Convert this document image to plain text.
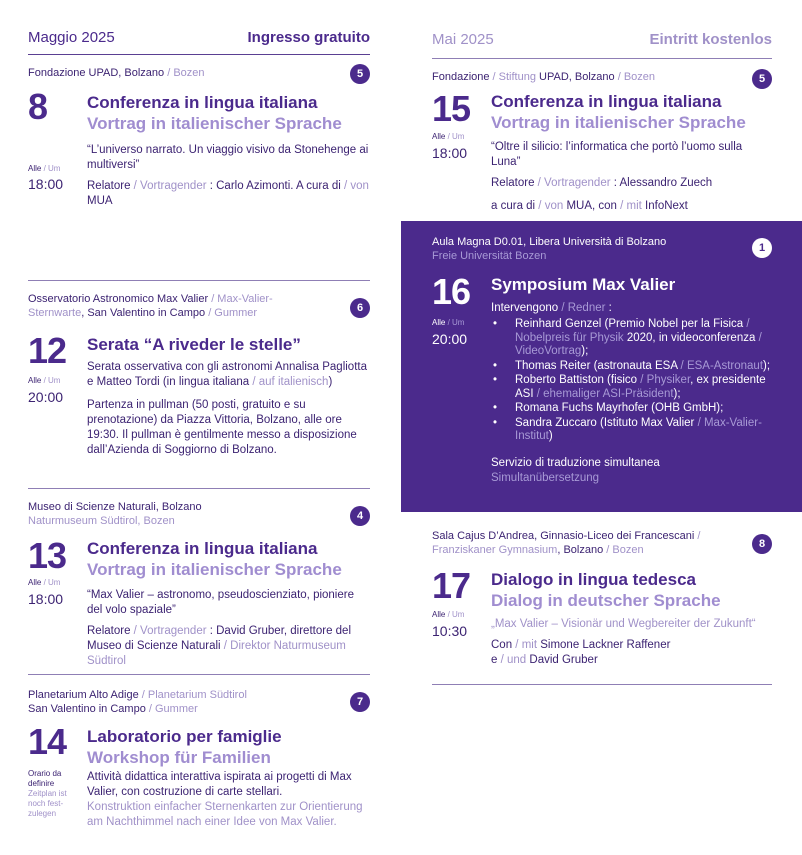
Maggio 2025	Ingresso gratuito
Fondazione UPAD, Bolzano / Bozen	5
8
Alle / Um
18:00
Conferenza in lingua italiana
Vortrag in italienischer Sprache
“L’universo narrato. Un viaggio visivo da Stonehenge ai multiversi”
Relatore / Vortragender : Carlo Azimonti. A cura di / von MUA
Osservatorio Astronomico Max Valier / Max-Valier-Sternwarte, San Valentino in Campo / Gummer	6
12
Alle / Um
20:00
Serata “A riveder le stelle”
Serata osservativa con gli astronomi Annalisa Pagliotta e Matteo Tordi (in lingua italiana / auf italienisch)
Partenza in pullman (50 posti, gratuito e su prenotazione) da Piazza Vittoria, Bolzano, alle ore 19:30. Il pullman è gentilmente messo a disposizione dall’Azienda di Soggiorno di Bolzano.
Museo di Scienze Naturali, Bolzano
Naturmuseum Südtirol, Bozen	4
13
Alle / Um
18:00
Conferenza in lingua italiana
Vortrag in italienischer Sprache
“Max Valier – astronomo, pseudoscienziato, pioniere del volo spaziale”
Relatore / Vortragender : David Gruber, direttore del Museo di Scienze Naturali / Direktor Naturmuseum Südtirol
Planetarium Alto Adige / Planetarium Südtirol
San Valentino in Campo / Gummer
7
14
Orario da definire
Zeitplan ist noch fest-zulegen
Laboratorio per famiglie
Workshop für Familien
Attività didattica interattiva ispirata ai progetti di Max Valier, con costruzione di carte stellari.
Konstruktion einfacher Sternenkarten zur Orientierung am Nachthimmel nach einer Idee von Max Valier.
Mai 2025	Eintritt kostenlos
Fondazione / Stiftung UPAD, Bolzano / Bozen	5
15
Alle / Um
18:00
Conferenza in lingua italiana
Vortrag in italienischer Sprache
“Oltre il silicio: l’informatica che portò l’uomo sulla Luna”
Relatore / Vortragender : Alessandro Zuech
a cura di / von MUA, con / mit InfoNext
Aula Magna D0.01, Libera Università di Bolzano
Freie Universität Bozen
1
16
Alle / Um
20:00
Symposium Max Valier
Intervengono / Redner :
• Reinhard Genzel (Premio Nobel per la Fisica / Nobelpreis für Physik 2020, in videoconferenza / VideoVortrag);
• Thomas Reiter (astronauta ESA / ESA-Astronaut);
• Roberto Battiston (fisico / Physiker, ex presidente ASI / ehemaliger ASI-Präsident);
• Romana Fuchs Mayrhofer (OHB GmbH);
• Sandra Zuccaro (Istituto Max Valier / Max-Valier-Institut)
Servizio di traduzione simultanea
Simultanübersetzung
Sala Cajus D’Andrea, Ginnasio-Liceo dei Francescani / Franziskaner Gymnasium, Bolzano / Bozen	8
17
Alle / Um
10:30
Dialogo in lingua tedesca
Dialog in deutscher Sprache
„Max Valier – Visionär und Wegbereiter der Zukunft“
Con / mit Simone Lackner Raffener
e / und David Gruber
